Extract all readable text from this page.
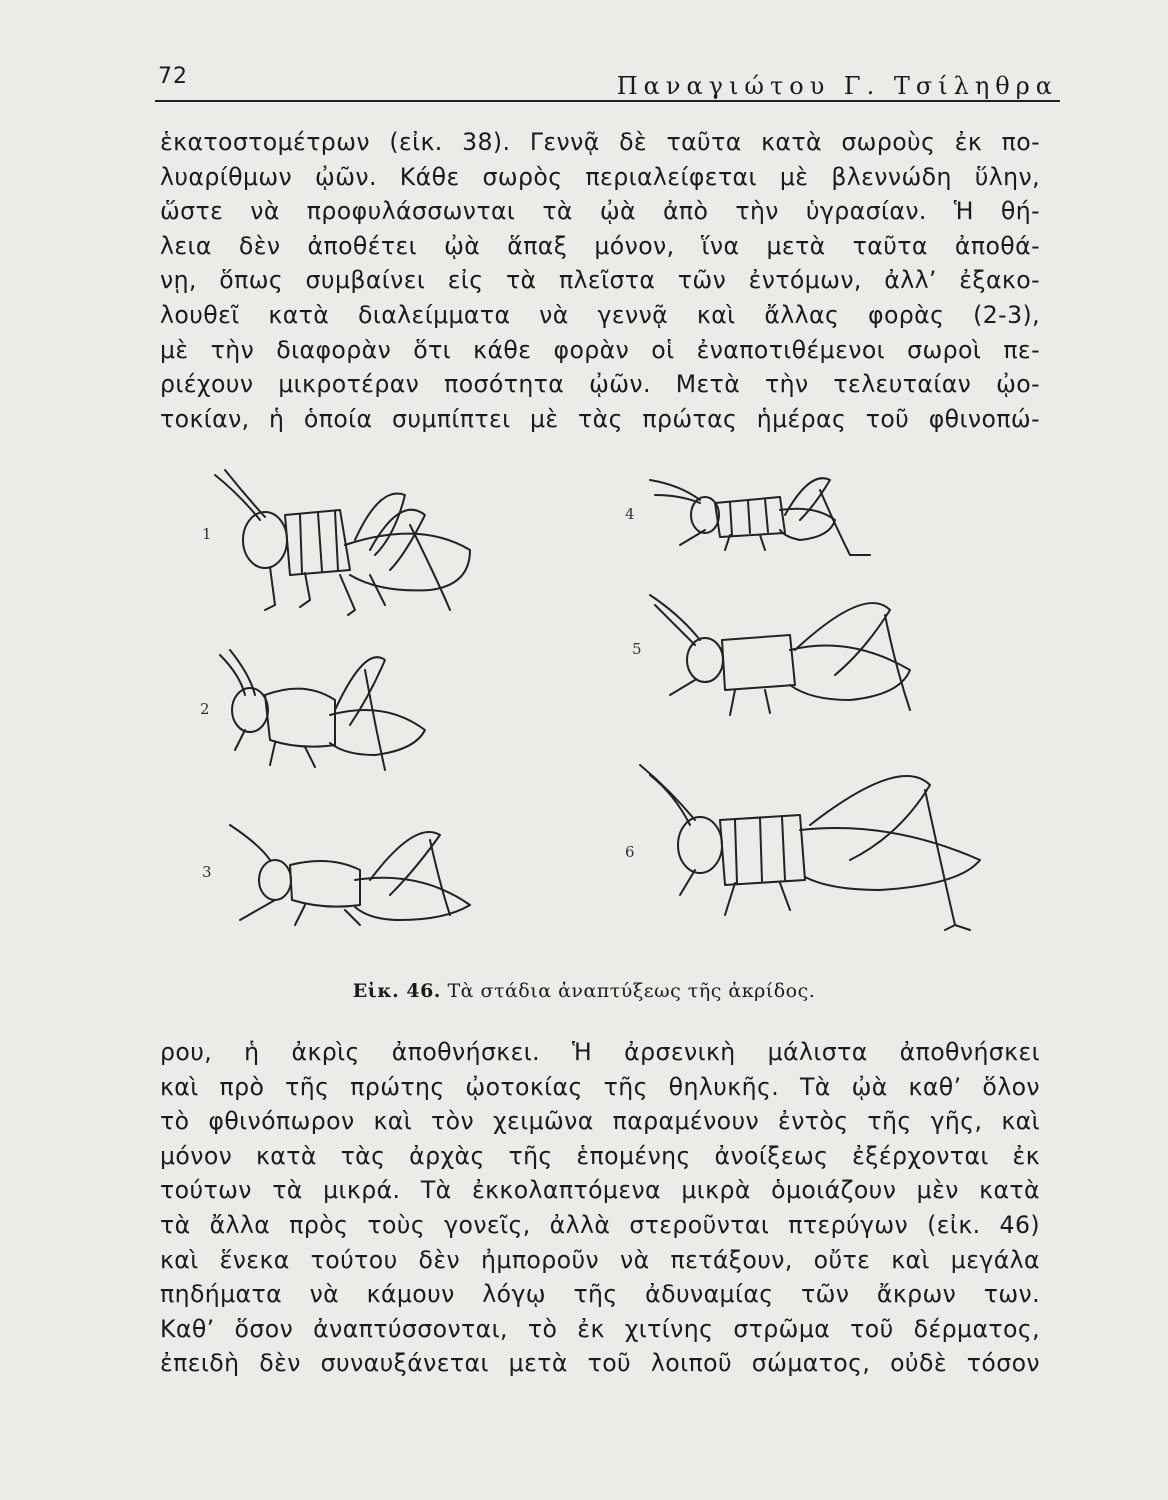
72	Παναγιώτου Γ. Τσίληθρα
ἑκατοστομέτρων (εἰκ. 38). Γεννᾷ δὲ ταῦτα κατὰ σωροὺς ἐκ πο-
λυαρίθμων ᾠῶν. Κάθε σωρὸς περιαλείφεται μὲ βλεννώδη ὕλην,
ὥστε νὰ προφυλάσσωνται τὰ ᾠὰ ἀπὸ τὴν ὑγρασίαν. Ἡ θή-
λεια δὲν ἀποθέτει ᾠὰ ἅπαξ μόνον, ἵνα μετὰ ταῦτα ἀποθά-
νῃ, ὅπως συμβαίνει εἰς τὰ πλεῖστα τῶν ἐντόμων, ἀλλ’ ἐξακο-
λουθεῖ κατὰ διαλείμματα νὰ γεννᾷ καὶ ἄλλας φορὰς (2-3),
μὲ τὴν διαφορὰν ὅτι κάθε φορὰν οἱ ἐναποτιθέμενοι σωροὶ πε-
ριέχουν μικροτέραν ποσότητα ᾠῶν. Μετὰ τὴν τελευταίαν ᾠο-
τοκίαν, ἡ ὁποία συμπίπτει μὲ τὰς πρώτας ἡμέρας τοῦ φθινοπώ-
1
2
3
4
5
6
Εἰκ. 46. Τὰ στάδια ἀναπτύξεως τῆς ἀκρίδος.
ρου, ἡ ἀκρὶς ἀποθνήσκει. Ἡ ἀρσενικὴ μάλιστα ἀποθνήσκει
καὶ πρὸ τῆς πρώτης ᾠοτοκίας τῆς θηλυκῆς. Τὰ ᾠὰ καθ’ ὅλον
τὸ φθινόπωρον καὶ τὸν χειμῶνα παραμένουν ἐντὸς τῆς γῆς, καὶ
μόνον κατὰ τὰς ἀρχὰς τῆς ἑπομένης ἀνοίξεως ἐξέρχονται ἐκ
τούτων τὰ μικρά. Τὰ ἐκκολαπτόμενα μικρὰ ὁμοιάζουν μὲν κατὰ
τὰ ἄλλα πρὸς τοὺς γονεῖς, ἀλλὰ στεροῦνται πτερύγων (εἰκ. 46)
καὶ ἕνεκα τούτου δὲν ἠμποροῦν νὰ πετάξουν, οὔτε καὶ μεγάλα
πηδήματα νὰ κάμουν λόγῳ τῆς ἀδυναμίας τῶν ἄκρων των.
Καθ’ ὅσον ἀναπτύσσονται, τὸ ἐκ χιτίνης στρῶμα τοῦ δέρματος,
ἐπειδὴ δὲν συναυξάνεται μετὰ τοῦ λοιποῦ σώματος, οὐδὲ τόσον
